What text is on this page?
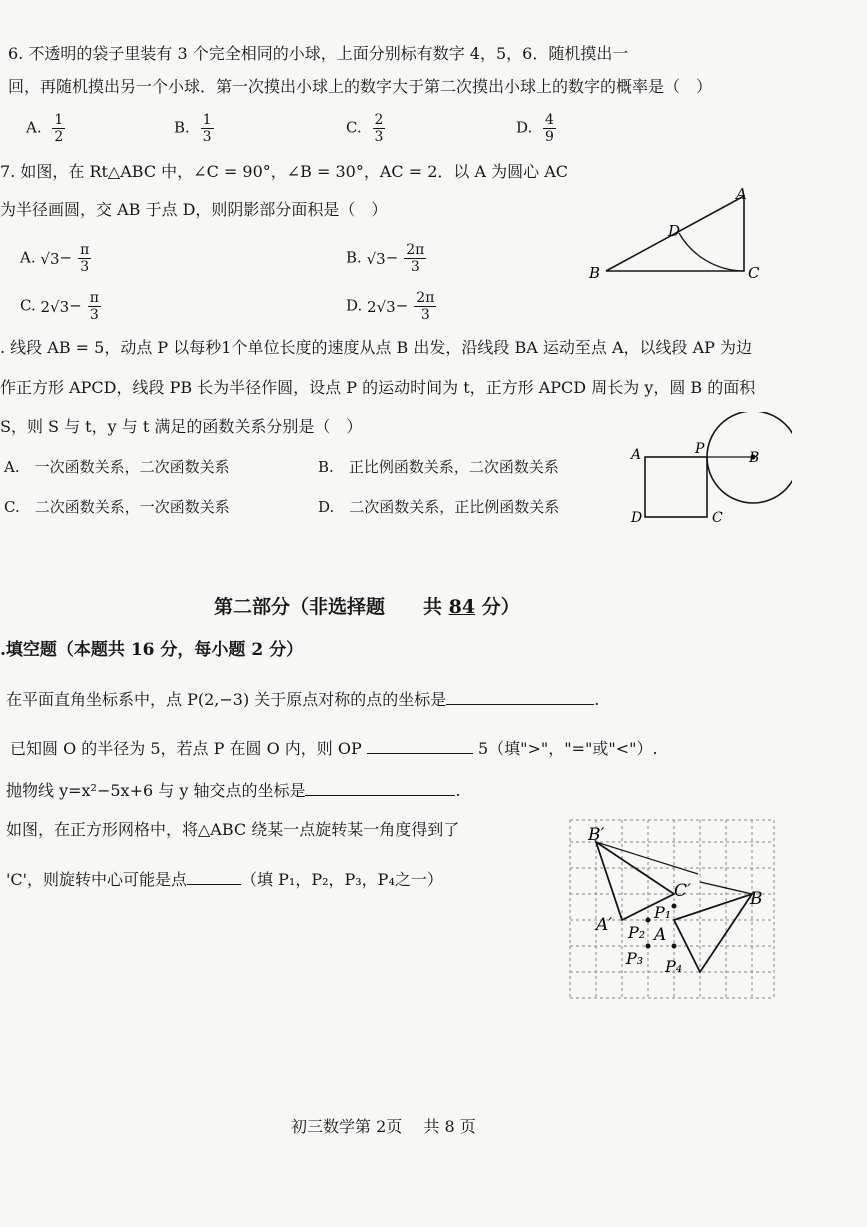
6. 不透明的袋子里装有 3 个完全相同的小球，上面分别标有数字 4，5，6．随机摸出一
回，再随机摸出另一个小球．第一次摸出小球上的数字大于第二次摸出小球上的数字的概率是（　）
A. $\frac{1}{2}$	B. $\frac{1}{3}$	C. $\frac{2}{3}$	D. $\frac{4}{9}$
7. 如图，在 Rt△ABC 中，∠C = 90°，∠B = 30°，AC = 2．以 A 为圆心 AC
为半径画圆，交 AB 于点 D，则阴影部分面积是（　）
A. $√3- \frac{\pi}{3}$	B. $√3- \frac{2\pi}{3}$
C. $2√3- \frac{\pi}{3}$	D. $2√3- \frac{2\pi}{3}$
A
B	C
D
. 线段 AB = 5，动点 P 以每秒1个单位长度的速度从点 B 出发，沿线段 BA 运动至点 A，以线段 AP 为边
作正方形 APCD，线段 PB 长为半径作圆，设点 P 的运动时间为 t，正方形 APCD 周长为 y，圆 B 的面积
S，则 S 与 t，y 与 t 满足的函数关系分别是（　）
A.　 一次函数关系，二次函数关系	B.　 正比例函数关系，二次函数关系
C.　 二次函数关系，一次函数关系	D.　 二次函数关系，正比例函数关系
A	P
B
D	C
第二部分（非选择题　　共 84 分）
.填空题（本题共 16 分，每小题 2 分）
在平面直角坐标系中，点 P(2,−3) 关于原点对称的点的坐标是	.
已知圆 O 的半径为 5，若点 P 在圆 O 内，则 OP	5（填">"，"="或"<"）.
抛物线 y=x²−5x+6 与 y 轴交点的坐标是	.
如图，在正方形网格中，将△ABC 绕某一点旋转某一角度得到了
'C'，则旋转中心可能是点	（填 P₁，P₂，P₃，P₄之一）
B′
C′	B
A′
P₁
A
P₂
P₃ P₄
初三数学第 2页　 共 8 页
